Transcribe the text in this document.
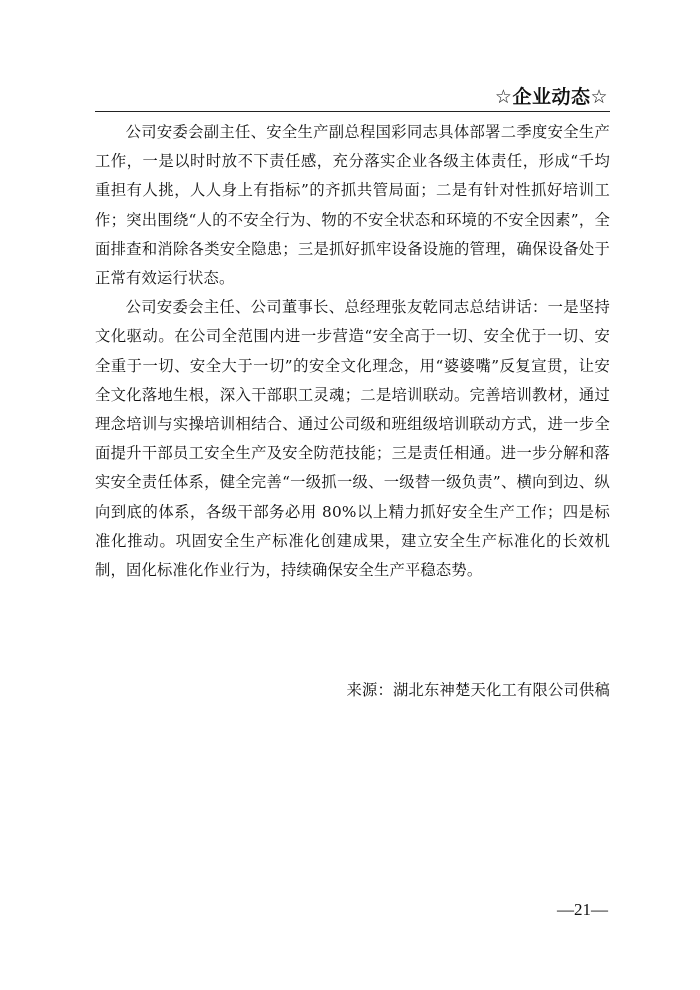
☆企业动态☆

公司安委会副主任、安全生产副总程国彩同志具体部署二季度安全生产工作，一是以时时放不下责任感，充分落实企业各级主体责任，形成“千均重担有人挑，人人身上有指标”的齐抓共管局面；二是有针对性抓好培训工作；突出围绕“人的不安全行为、物的不安全状态和环境的不安全因素”，全面排查和消除各类安全隐患；三是抓好抓牢设备设施的管理，确保设备处于正常有效运行状态。

公司安委会主任、公司董事长、总经理张友乾同志总结讲话：一是坚持文化驱动。在公司全范围内进一步营造“安全高于一切、安全优于一切、安全重于一切、安全大于一切”的安全文化理念，用“婆婆嘴”反复宣贯，让安全文化落地生根，深入干部职工灵魂；二是培训联动。完善培训教材，通过理念培训与实操培训相结合、通过公司级和班组级培训联动方式，进一步全面提升干部员工安全生产及安全防范技能；三是责任相通。进一步分解和落实安全责任体系，健全完善“一级抓一级、一级替一级负责”、横向到边、纵向到底的体系，各级干部务必用 80%以上精力抓好安全生产工作；四是标准化推动。巩固安全生产标准化创建成果，建立安全生产标准化的长效机制，固化标准化作业行为，持续确保安全生产平稳态势。

来源：湖北东神楚天化工有限公司供稿
—21—
